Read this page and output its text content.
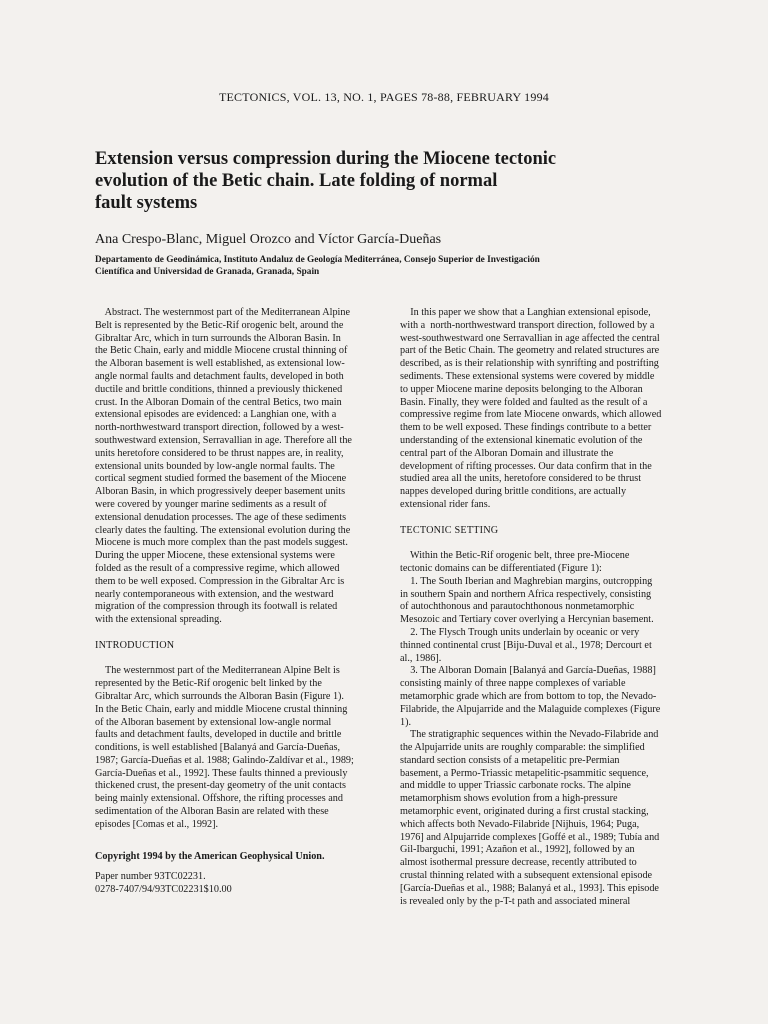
TECTONICS, VOL. 13, NO. 1, PAGES 78-88, FEBRUARY 1994
Extension versus compression during the Miocene tectonic
evolution of the Betic chain. Late folding of normal
fault systems
Ana Crespo-Blanc, Miguel Orozco and Víctor García-Dueñas
Departamento de Geodinámica, Instituto Andaluz de Geología Mediterránea, Consejo Superior de Investigación
Científica and Universidad de Granada, Granada, Spain
Abstract. The westernmost part of the Mediterranean Alpine
Belt is represented by the Betic-Rif orogenic belt, around the
Gibraltar Arc, which in turn surrounds the Alboran Basin. In
the Betic Chain, early and middle Miocene crustal thinning of
the Alboran basement is well established, as extensional low-
angle normal faults and detachment faults, developed in both
ductile and brittle conditions, thinned a previously thickened
crust. In the Alboran Domain of the central Betics, two main
extensional episodes are evidenced: a Langhian one, with a
north-northwestward transport direction, followed by a west-
southwestward extension, Serravallian in age. Therefore all the
units heretofore considered to be thrust nappes are, in reality,
extensional units bounded by low-angle normal faults. The
cortical segment studied formed the basement of the Miocene
Alboran Basin, in which progressively deeper basement units
were covered by younger marine sediments as a result of
extensional denudation processes. The age of these sediments
clearly dates the faulting. The extensional evolution during the
Miocene is much more complex than the past models suggest.
During the upper Miocene, these extensional systems were
folded as the result of a compressive regime, which allowed
them to be well exposed. Compression in the Gibraltar Arc is
nearly contemporaneous with extension, and the westward
migration of the compression through its footwall is related
with the extensional spreading.
INTRODUCTION
The westernmost part of the Mediterranean Alpine Belt is
represented by the Betic-Rif orogenic belt linked by the
Gibraltar Arc, which surrounds the Alboran Basin (Figure 1).
In the Betic Chain, early and middle Miocene crustal thinning
of the Alboran basement by extensional low-angle normal
faults and detachment faults, developed in ductile and brittle
conditions, is well established [Balanyá and García-Dueñas,
1987; García-Dueñas et al. 1988; Galindo-Zaldívar et al., 1989;
García-Dueñas et al., 1992]. These faults thinned a previously
thickened crust, the present-day geometry of the unit contacts
being mainly extensional. Offshore, the rifting processes and
sedimentation of the Alboran Basin are related with these
episodes [Comas et al., 1992].
Copyright 1994 by the American Geophysical Union.
Paper number 93TC02231.
0278-7407/94/93TC02231$10.00
In this paper we show that a Langhian extensional episode,
with a  north-northwestward transport direction, followed by a
west-southwestward one Serravallian in age affected the central
part of the Betic Chain. The geometry and related structures are
described, as is their relationship with synrifting and postrifting
sediments. These extensional systems were covered by middle
to upper Miocene marine deposits belonging to the Alboran
Basin. Finally, they were folded and faulted as the result of a
compressive regime from late Miocene onwards, which allowed
them to be well exposed. These findings contribute to a better
understanding of the extensional kinematic evolution of the
central part of the Alboran Domain and illustrate the
development of rifting processes. Our data confirm that in the
studied area all the units, heretofore considered to be thrust
nappes developed during brittle conditions, are actually
extensional rider fans.
TECTONIC SETTING
Within the Betic-Rif orogenic belt, three pre-Miocene
tectonic domains can be differentiated (Figure 1):
1. The South Iberian and Maghrebian margins, outcropping
in southern Spain and northern Africa respectively, consisting
of autochthonous and parautochthonous nonmetamorphic
Mesozoic and Tertiary cover overlying a Hercynian basement.
2. The Flysch Trough units underlain by oceanic or very
thinned continental crust [Biju-Duval et al., 1978; Dercourt et
al., 1986].
3. The Alboran Domain [Balanyá and García-Dueñas, 1988]
consisting mainly of three nappe complexes of variable
metamorphic grade which are from bottom to top, the Nevado-
Filabride, the Alpujarride and the Malaguide complexes (Figure
1).
The stratigraphic sequences within the Nevado-Filabride and
the Alpujarride units are roughly comparable: the simplified
standard section consists of a metapelitic pre-Permian
basement, a Permo-Triassic metapelitic-psammitic sequence,
and middle to upper Triassic carbonate rocks. The alpine
metamorphism shows evolution from a high-pressure
metamorphic event, originated during a first crustal stacking,
which affects both Nevado-Filabride [Nijhuis, 1964; Puga,
1976] and Alpujarride complexes [Goffé et al., 1989; Tubía and
Gil-Ibarguchi, 1991; Azañon et al., 1992], followed by an
almost isothermal pressure decrease, recently attributed to
crustal thinning related with a subsequent extensional episode
[García-Dueñas et al., 1988; Balanyá et al., 1993]. This episode
is revealed only by the p-T-t path and associated mineral
